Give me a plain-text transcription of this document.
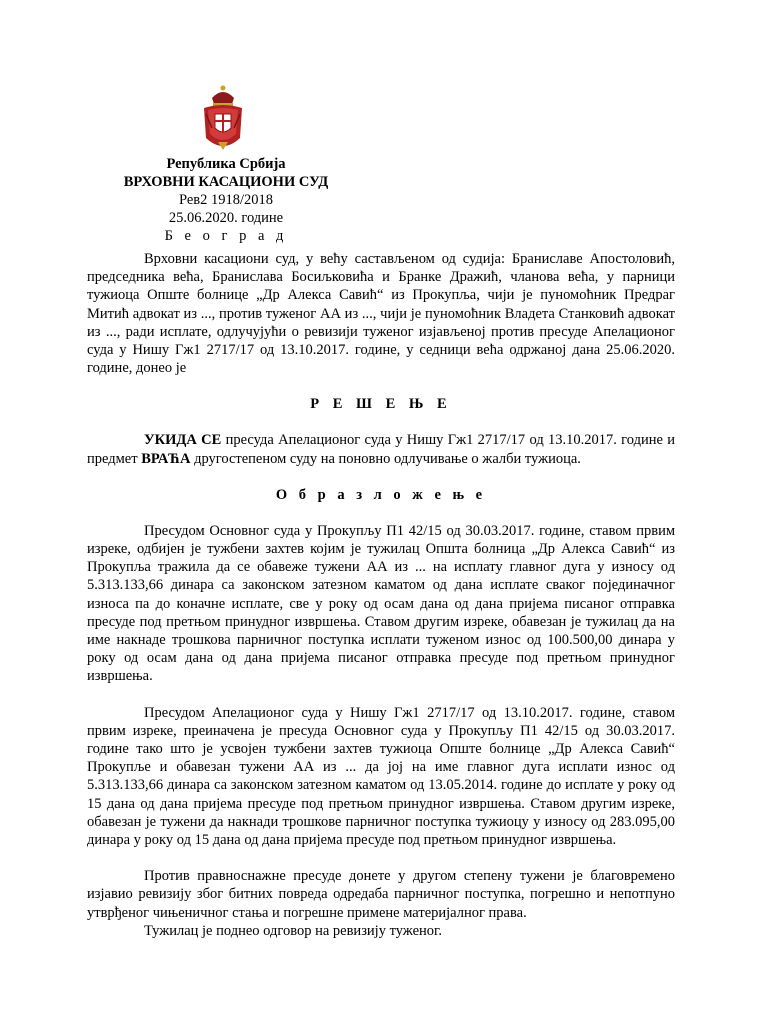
Република Србија
ВРХОВНИ КАСАЦИОНИ СУД
Рев2 1918/2018
25.06.2020. године
Б е о г р а д

Врховни касациони суд, у већу састављеном од судија: Браниславе Апостоловић, председника већа, Бранислава Босиљковића и Бранке Дражић, чланова већа, у парници тужиоца Опште болнице „Др Алекса Савић“ из Прокупља, чији је пуномоћник Предраг Митић адвокат из ..., против туженог АА из ..., чији је пуномоћник Владета Станковић адвокат из ..., ради исплате, одлучујући о ревизији туженог изјављеној против пресуде Апелационог суда у Нишу Гж1 2717/17 од 13.10.2017. године, у седници већа одржаној дана 25.06.2020. године, донео је

Р Е Ш Е Њ Е

УКИДА СЕ пресуда Апелационог суда у Нишу Гж1 2717/17 од 13.10.2017. године и предмет ВРАЋА другостепеном суду на поновно одлучивање о жалби тужиоца.

О б р а з л о ж е њ е

Пресудом Основног суда у Прокупљу П1 42/15 од 30.03.2017. године, ставом првим изреке, одбијен је тужбени захтев којим је тужилац Општа болница „Др Алекса Савић“ из Прокупља тражила да се обавеже тужени АА из ... на исплату главног дуга у износу од 5.313.133,66 динара са законском затезном каматом од дана исплате сваког појединачног износа па до коначне исплате, све у року од осам дана од дана пријема писаног отправка пресуде под претњом принудног извршења. Ставом другим изреке, обавезан је тужилац да на име накнаде трошкова парничног поступка исплати туженом износ од 100.500,00 динара у року од осам дана од дана пријема писаног отправка пресуде под претњом принудног извршења.

Пресудом Апелационог суда у Нишу Гж1 2717/17 од 13.10.2017. године, ставом првим изреке, преиначена је пресуда Основног суда у Прокупљу П1 42/15 од 30.03.2017. године тако што је усвојен тужбени захтев тужиоца Опште болнице „Др Алекса Савић“ Прокупље и обавезан тужени АА из ... да јој на име главног дуга исплати износ од 5.313.133,66 динара са законском затезном каматом од 13.05.2014. године до исплате у року од 15 дана од дана пријема пресуде под претњом принудног извршења. Ставом другим изреке, обавезан је тужени да накнади трошкове парничног поступка тужиоцу у износу од 283.095,00 динара у року од 15 дана од дана пријема пресуде под претњом принудног извршења.

Против правноснажне пресуде донете у другом степену тужени је благовремено изјавио ревизију због битних повреда одредаба парничног поступка, погрешно и непотпуно утврђеног чињеничног стања и погрешне примене материјалног права.

Тужилац је поднео одговор на ревизију туженог.
